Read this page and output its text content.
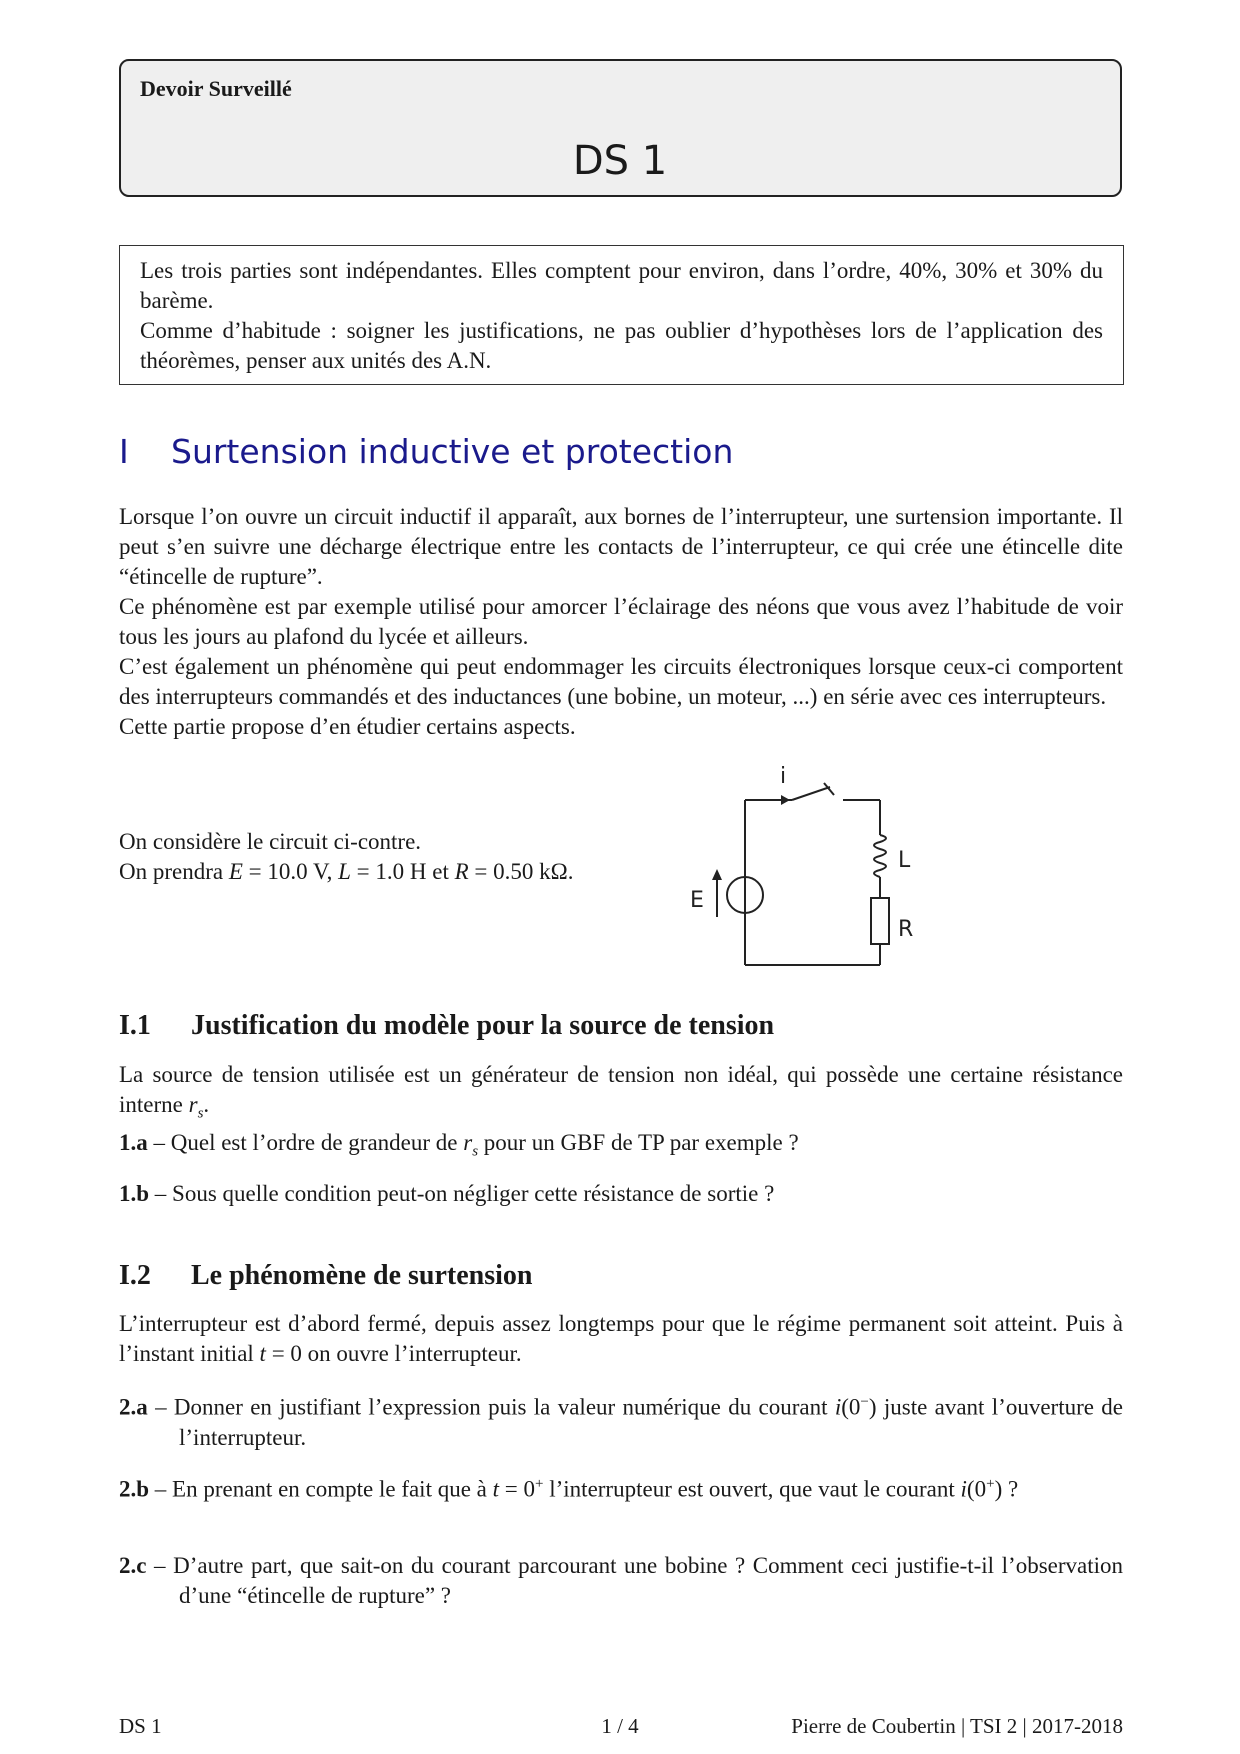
Devoir Surveillé
DS 1

Les trois parties sont indépendantes. Elles comptent pour environ, dans l’ordre, 40%, 30% et 30% du barème.

Comme d’habitude : soigner les justifications, ne pas oublier d’hypothèses lors de l’application des théorèmes, penser aux unités des A.N.

I Surtension inductive et protection

Lorsque l’on ouvre un circuit inductif il apparaît, aux bornes de l’interrupteur, une surtension importante. Il peut s’en suivre une décharge électrique entre les contacts de l’interrupteur, ce qui crée une étincelle dite “étincelle de rupture”.

Ce phénomène est par exemple utilisé pour amorcer l’éclairage des néons que vous avez l’habitude de voir tous les jours au plafond du lycée et ailleurs.

C’est également un phénomène qui peut endommager les circuits électroniques lorsque ceux-ci comportent des interrupteurs commandés et des inductances (une bobine, un moteur, ...) en série avec ces interrupteurs.

Cette partie propose d’en étudier certains aspects.

On considère le circuit ci-contre.

On prendra E = 10.0 V, L = 1.0 H et R = 0.50 kΩ.

i
L
R
E
I.1 Justification du modèle pour la source de tension

La source de tension utilisée est un générateur de tension non idéal, qui possède une certaine résistance interne $r_s$.

1.a – Quel est l’ordre de grandeur de $r_s$ pour un GBF de TP par exemple ?
1.b – Sous quelle condition peut-on négliger cette résistance de sortie ?
I.2 Le phénomène de surtension

L’interrupteur est d’abord fermé, depuis assez longtemps pour que le régime permanent soit atteint. Puis à l’instant initial t = 0 on ouvre l’interrupteur.

2.a – Donner en justifiant l’expression puis la valeur numérique du courant i(0−) juste avant l’ouverture de l’interrupteur.
2.b – En prenant en compte le fait que à t = 0+ l’interrupteur est ouvert, que vaut le courant i(0+) ?
2.c – D’autre part, que sait-on du courant parcourant une bobine ? Comment ceci justifie-t-il l’observation d’une “étincelle de rupture” ?
DS 1	1 / 4	Pierre de Coubertin | TSI 2 | 2017-2018
